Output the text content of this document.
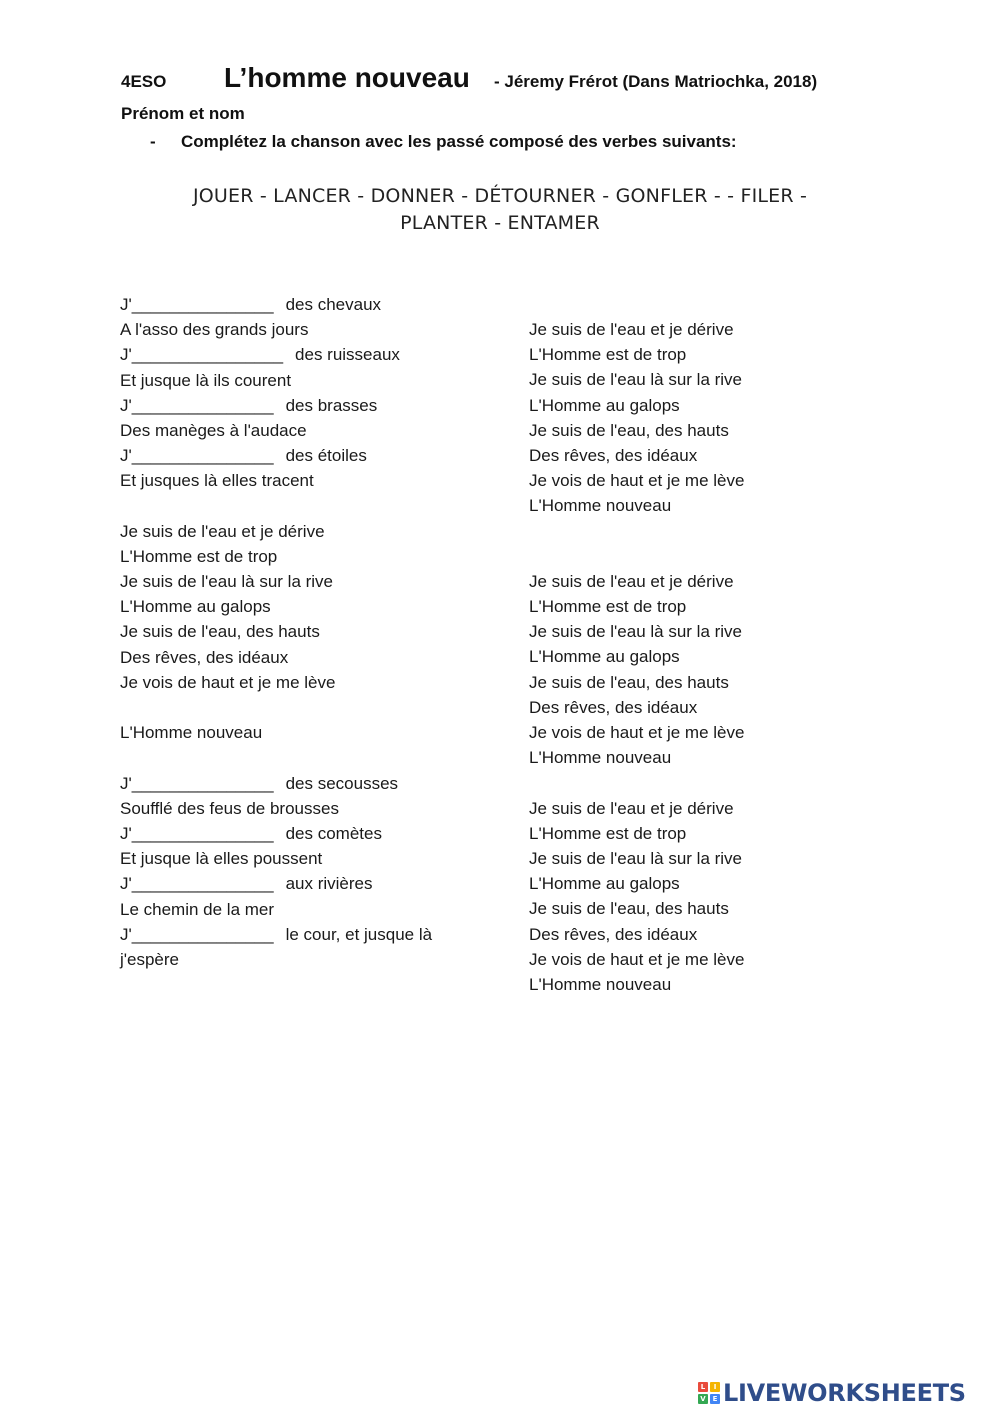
4ESO L’homme nouveau - Jéremy Frérot (Dans Matriochka, 2018)
Prénom et nom
- Complétez la chanson avec les passé composé des verbes suivants:
JOUER - LANCER - DONNER - DÉTOURNER - GONFLER - - FILER -
PLANTER - ENTAMER
J'_______________ des chevaux
A l'asso des grands jours
J'________________ des ruisseaux
Et jusque là ils courent
J'_______________ des brasses
Des manèges à l'audace
J'_______________ des étoiles
Et jusques là elles tracent
Je suis de l'eau et je dérive
L'Homme est de trop
Je suis de l'eau là sur la rive
L'Homme au galops
Je suis de l'eau, des hauts
Des rêves, des idéaux
Je vois de haut et je me lève
L'Homme nouveau
J'_______________ des secousses
Soufflé des feus de brousses
J'_______________ des comètes
Et jusque là elles poussent
J'_______________ aux rivières
Le chemin de la mer
J'_______________ le cour, et jusque là
j'espère
Je suis de l'eau et je dérive
L'Homme est de trop
Je suis de l'eau là sur la rive
L'Homme au galops
Je suis de l'eau, des hauts
Des rêves, des idéaux
Je vois de haut et je me lève
L'Homme nouveau
Je suis de l'eau et je dérive
L'Homme est de trop
Je suis de l'eau là sur la rive
L'Homme au galops
Je suis de l'eau, des hauts
Des rêves, des idéaux
Je vois de haut et je me lève
L'Homme nouveau
Je suis de l'eau et je dérive
L'Homme est de trop
Je suis de l'eau là sur la rive
L'Homme au galops
Je suis de l'eau, des hauts
Des rêves, des idéaux
Je vois de haut et je me lève
L'Homme nouveau
L	I
V E LIVEWORKSHEETS
